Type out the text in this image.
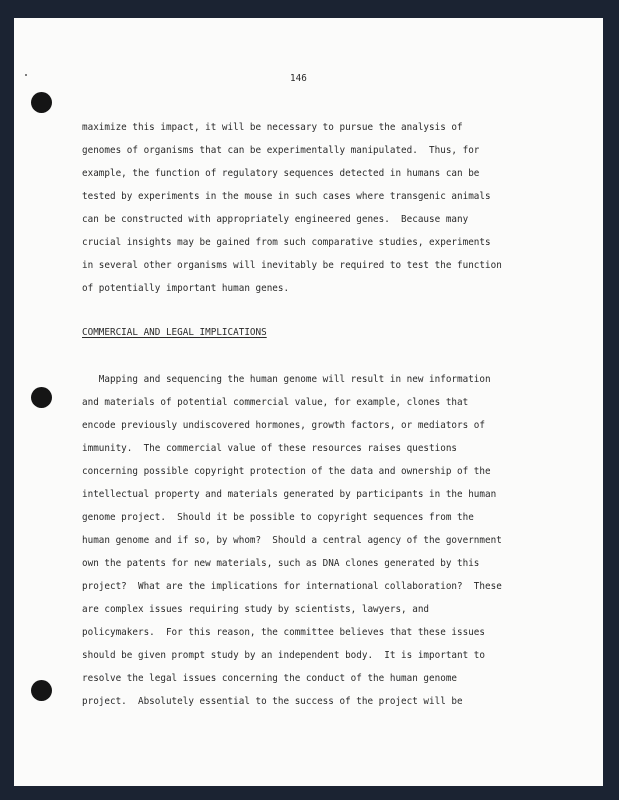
146
maximize this impact, it will be necessary to pursue the analysis of
genomes of organisms that can be experimentally manipulated.  Thus, for
example, the function of regulatory sequences detected in humans can be
tested by experiments in the mouse in such cases where transgenic animals
can be constructed with appropriately engineered genes.  Because many
crucial insights may be gained from such comparative studies, experiments
in several other organisms will inevitably be required to test the function
of potentially important human genes.
COMMERCIAL AND LEGAL IMPLICATIONS
Mapping and sequencing the human genome will result in new information
and materials of potential commercial value, for example, clones that
encode previously undiscovered hormones, growth factors, or mediators of
immunity.  The commercial value of these resources raises questions
concerning possible copyright protection of the data and ownership of the
intellectual property and materials generated by participants in the human
genome project.  Should it be possible to copyright sequences from the
human genome and if so, by whom?  Should a central agency of the government
own the patents for new materials, such as DNA clones generated by this
project?  What are the implications for international collaboration?  These
are complex issues requiring study by scientists, lawyers, and
policymakers.  For this reason, the committee believes that these issues
should be given prompt study by an independent body.  It is important to
resolve the legal issues concerning the conduct of the human genome
project.  Absolutely essential to the success of the project will be
